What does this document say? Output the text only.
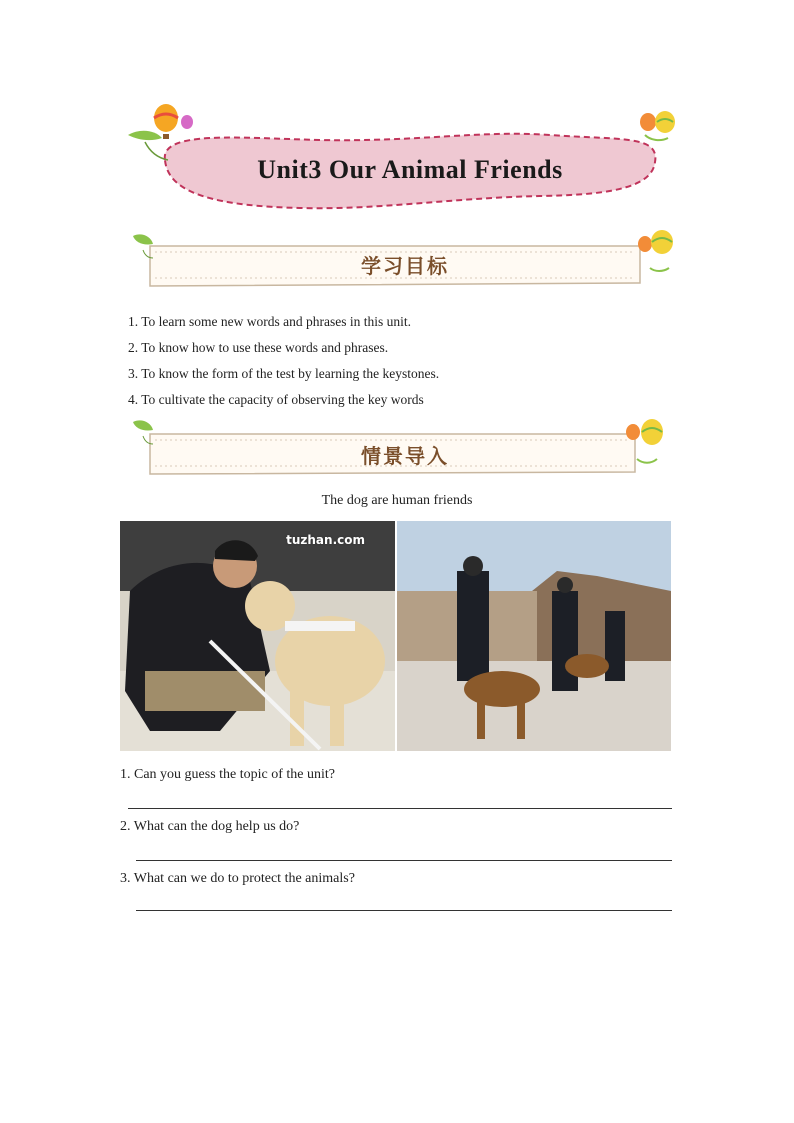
Unit3 Our Animal Friends
学习目标
1. To learn some new words and phrases in this unit.
2. To know how to use these words and phrases.
3. To know the form of the test by learning the keystones.
4. To cultivate the capacity of observing the key words
情景导入
The dog are human friends
tuzhan.com
1. Can you guess the topic of the unit?
2. What can the dog help us do?
3. What can we do to protect the animals?
